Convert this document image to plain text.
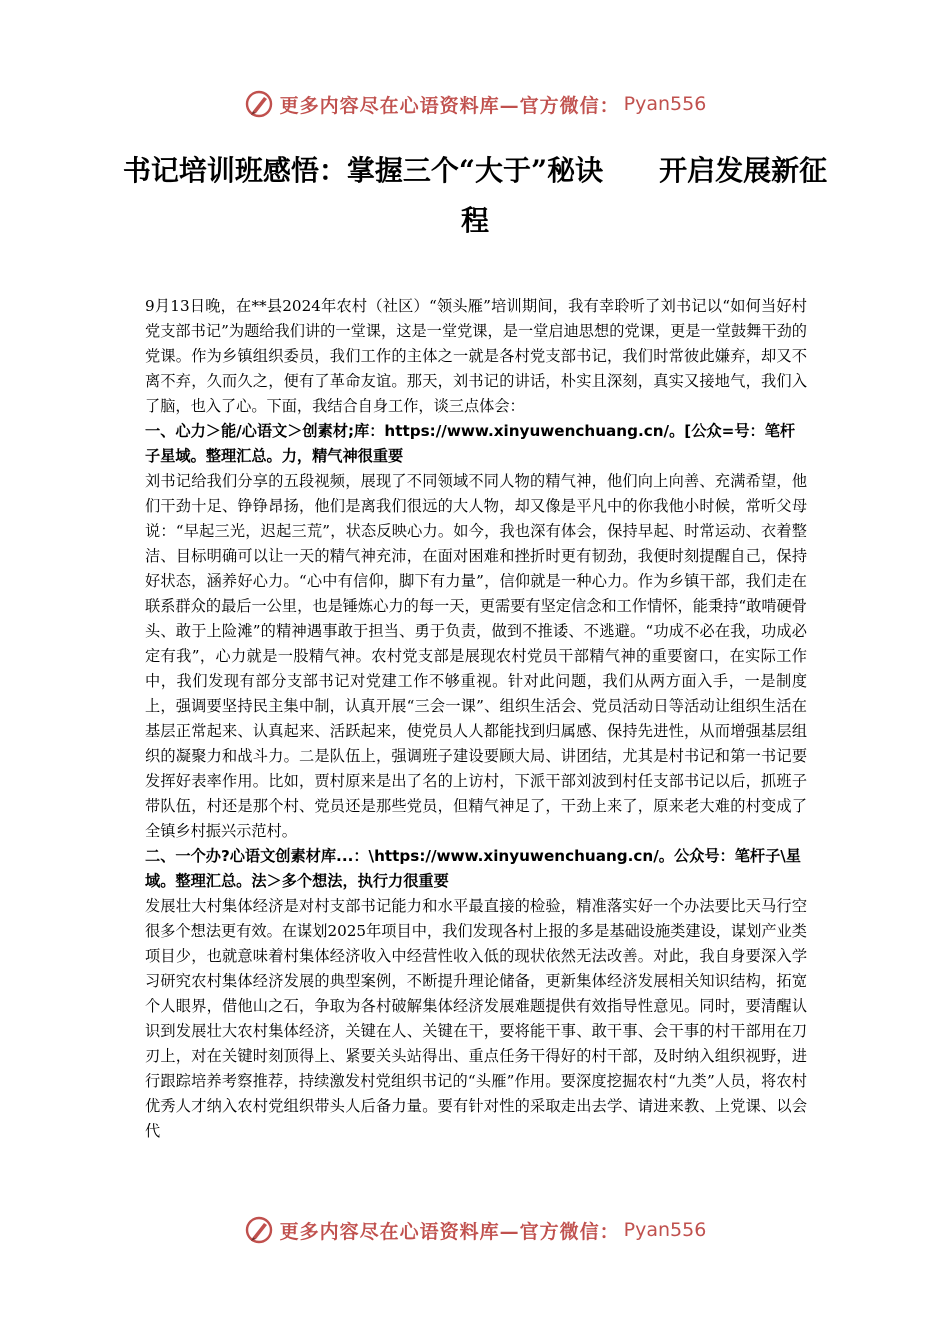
更多内容尽在心语资料库—官方微信： Pyan556
书记培训班感悟：掌握三个“大于”秘诀　　开启发展新征程

9月13日晚，在**县2024年农村（社区）“领头雁”培训期间，我有幸聆听了刘书记以“如何当好村党支部书记”为题给我们讲的一堂课，这是一堂党课，是一堂启迪思想的党课，更是一堂鼓舞干劲的党课。作为乡镇组织委员，我们工作的主体之一就是各村党支部书记，我们时常彼此嫌弃，却又不离不弃，久而久之，便有了革命友谊。那天，刘书记的讲话，朴实且深刻，真实又接地气，我们入了脑，也入了心。下面，我结合自身工作，谈三点体会：

一、心力＞能/心语文＞创素材;库：https://www.xinyuwenchuang.cn/。[公众=号：笔杆子星域。整理汇总。力，精气神很重要

刘书记给我们分享的五段视频，展现了不同领域不同人物的精气神，他们向上向善、充满希望，他们干劲十足、铮铮昂扬，他们是离我们很远的大人物，却又像是平凡中的你我他小时候，常听父母说：“早起三光，迟起三荒”，状态反映心力。如今，我也深有体会，保持早起、时常运动、衣着整洁、目标明确可以让一天的精气神充沛，在面对困难和挫折时更有韧劲，我便时刻提醒自己，保持好状态，涵养好心力。“心中有信仰，脚下有力量”，信仰就是一种心力。作为乡镇干部，我们走在联系群众的最后一公里，也是锤炼心力的每一天，更需要有坚定信念和工作情怀，能秉持“敢啃硬骨头、敢于上险滩”的精神遇事敢于担当、勇于负责，做到不推诿、不逃避。“功成不必在我，功成必定有我”，心力就是一股精气神。农村党支部是展现农村党员干部精气神的重要窗口，在实际工作中，我们发现有部分支部书记对党建工作不够重视。针对此问题，我们从两方面入手，一是制度上，强调要坚持民主集中制，认真开展“三会一课”、组织生活会、党员活动日等活动让组织生活在基层正常起来、认真起来、活跃起来，使党员人人都能找到归属感、保持先进性，从而增强基层组织的凝聚力和战斗力。二是队伍上，强调班子建设要顾大局、讲团结，尤其是村书记和第一书记要发挥好表率作用。比如，贾村原来是出了名的上访村，下派干部刘波到村任支部书记以后，抓班子带队伍，村还是那个村、党员还是那些党员，但精气神足了，干劲上来了，原来老大难的村变成了全镇乡村振兴示范村。

二、一个办?心语文创素材库...：\https://www.xinyuwenchuang.cn/。公众号：笔杆子\星域。整理汇总。法＞多个想法，执行力很重要

发展壮大村集体经济是对村支部书记能力和水平最直接的检验，精准落实好一个办法要比天马行空很多个想法更有效。在谋划2025年项目中，我们发现各村上报的多是基础设施类建设，谋划产业类项目少，也就意味着村集体经济收入中经营性收入低的现状依然无法改善。对此，我自身要深入学习研究农村集体经济发展的典型案例，不断提升理论储备，更新集体经济发展相关知识结构，拓宽个人眼界，借他山之石，争取为各村破解集体经济发展难题提供有效指导性意见。同时，要清醒认识到发展壮大农村集体经济，关键在人、关键在干，要将能干事、敢干事、会干事的村干部用在刀刃上，对在关键时刻顶得上、紧要关头站得出、重点任务干得好的村干部，及时纳入组织视野，进行跟踪培养考察推荐，持续激发村党组织书记的“头雁”作用。要深度挖掘农村“九类”人员，将农村优秀人才纳入农村党组织带头人后备力量。要有针对性的采取走出去学、请进来教、上党课、以会代

更多内容尽在心语资料库—官方微信： Pyan556
